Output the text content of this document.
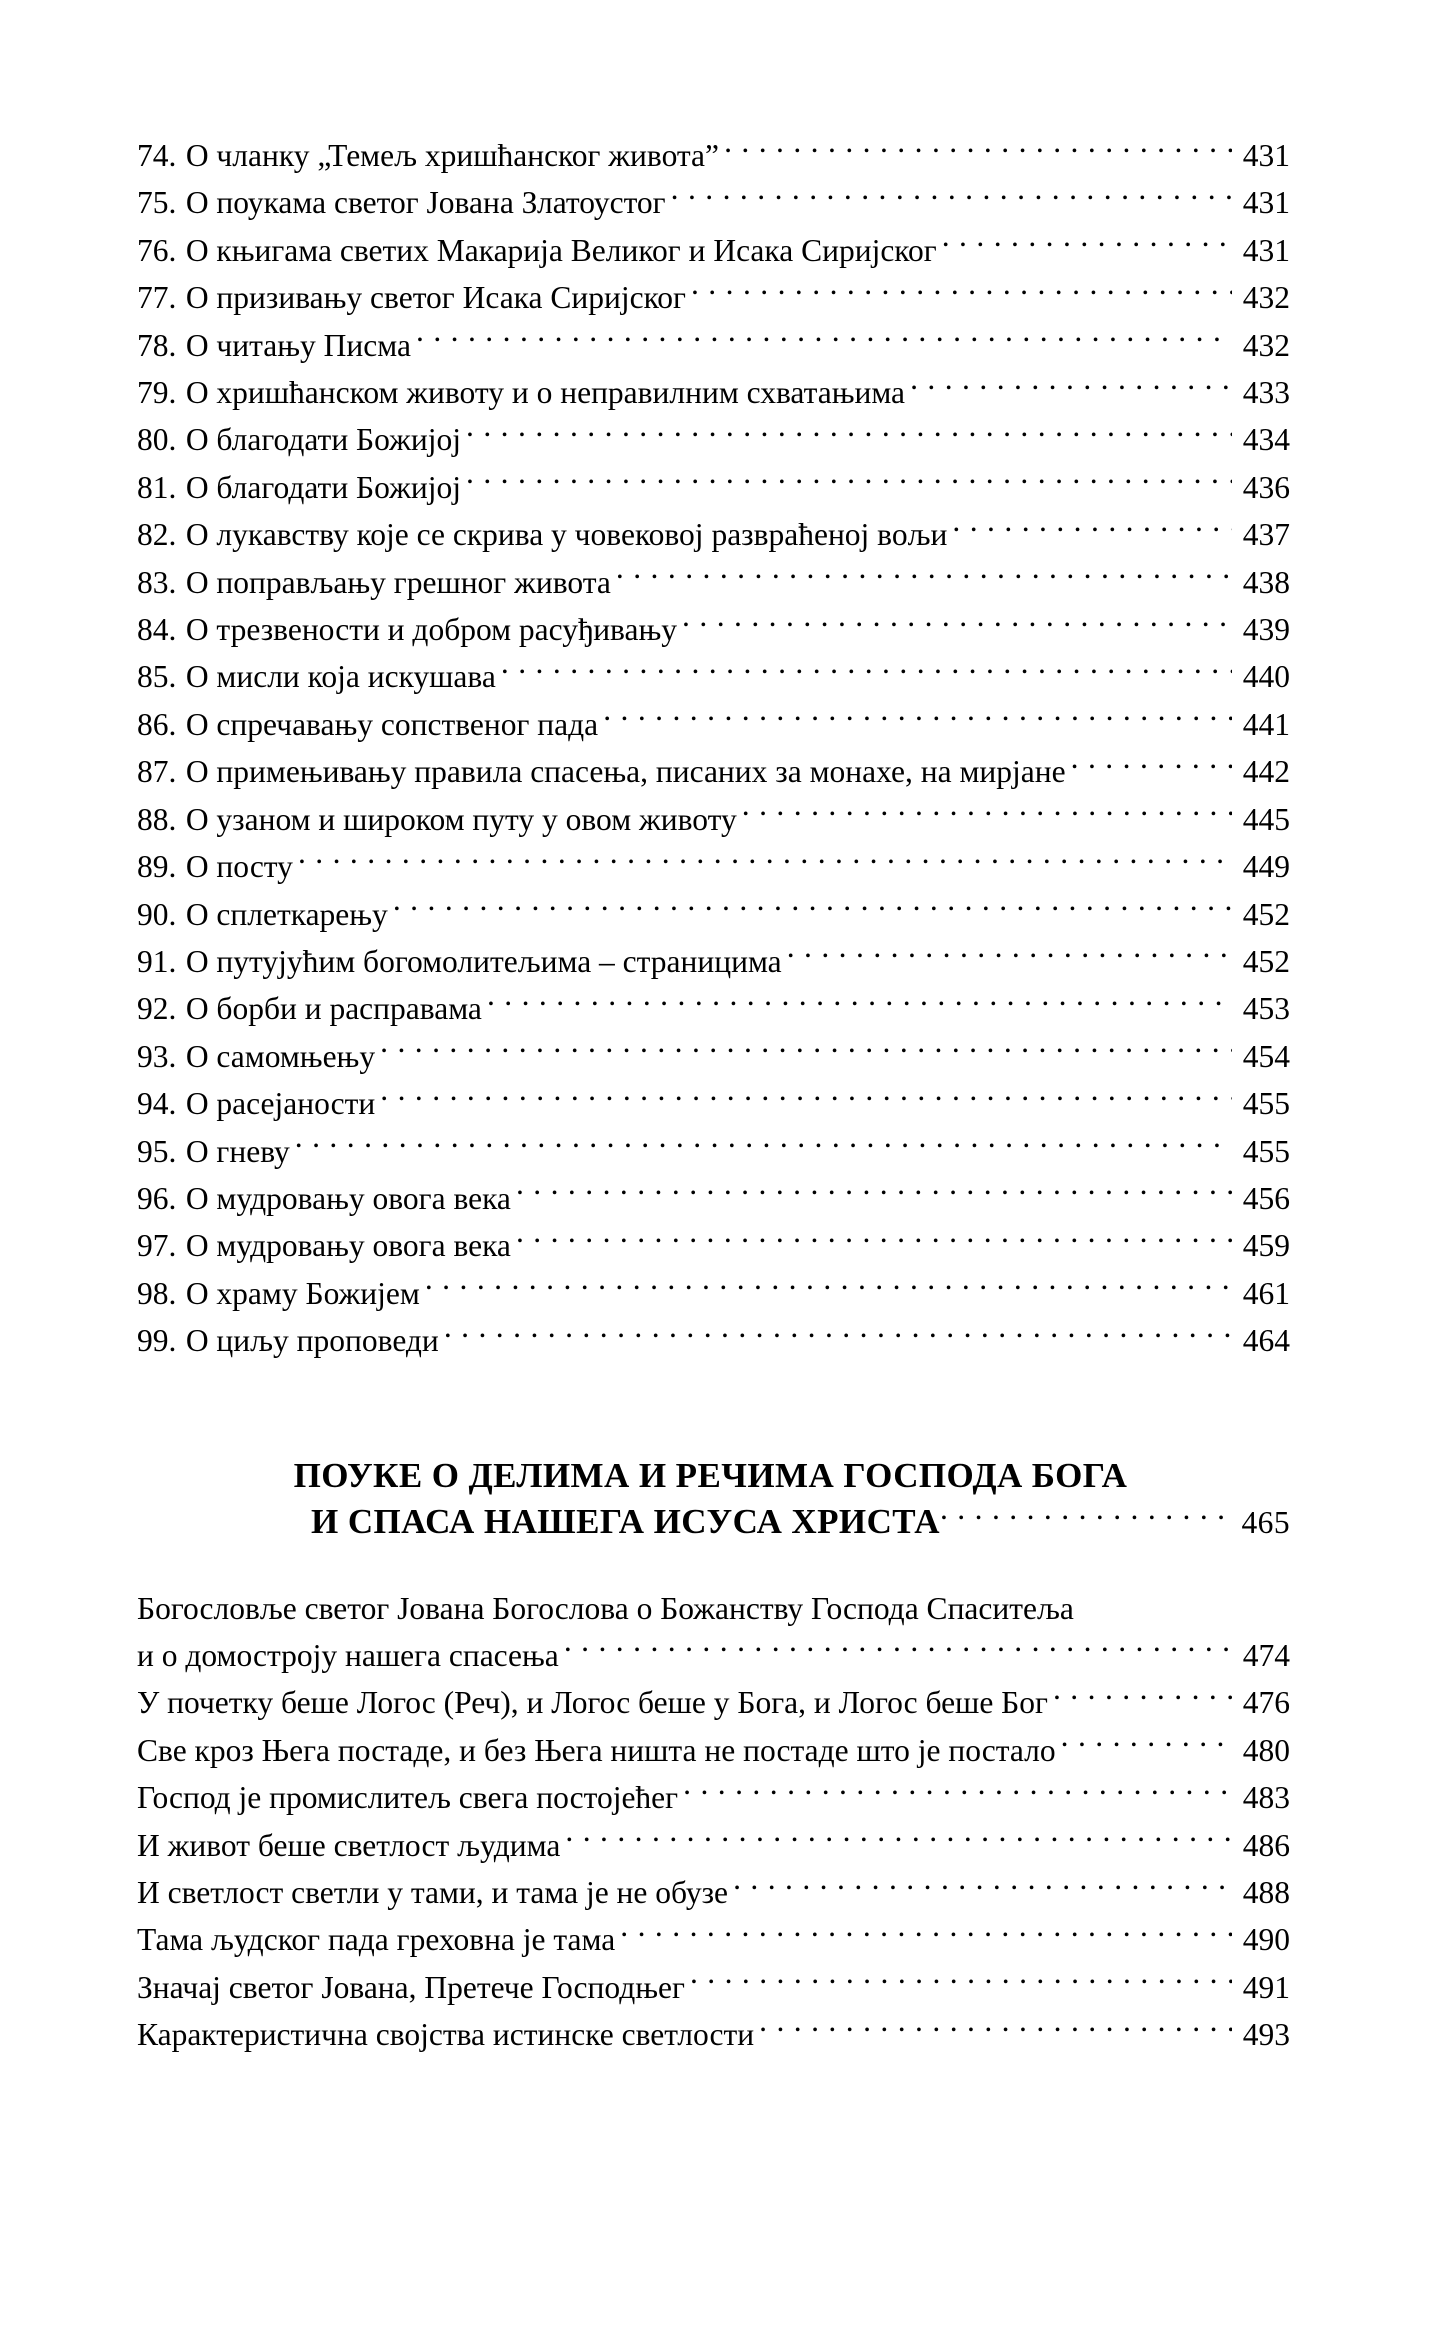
74. О чланку „Темељ хришћанског живота” .....	431
75. О поукама светог Јована Златоустог .....	431
76. О књигама светих Макарија Великог и Исака Сиријског .....	431
77. О призивању светог Исака Сиријског .....	432
78. О читању Писма .....	432
79. О хришћанском животу и о неправилним схватањима .....	433
80. О благодати Божијој .....	434
81. О благодати Божијој .....	436
82. О лукавству које се скрива у човековој развраћеној вољи .....	437
83. О поправљању грешног живота .....	438
84. О трезвености и добром расуђивању .....	439
85. О мисли која искушава .....	440
86. О спречавању сопственог пада .....	441
87. О примењивању правила спасења, писаних за монахе, на мирјане .....	442
88. О узаном и широком путу у овом животу .....	445
89. О посту .....	449
90. О сплеткарењу .....	452
91. О путујућим богомолитељима – страницима .....	452
92. О борби и расправама .....	453
93. О самомњењу .....	454
94. О расејаности .....	455
95. О гневу .....	455
96. О мудровању овога века .....	456
97. О мудровању овога века .....	459
98. О храму Божијем .....	461
99. О циљу проповеди .....	464
ПОУКЕ О ДЕЛИМА И РЕЧИМА ГОСПОДА БОГА
И СПАСА НАШЕГА ИСУСА ХРИСТА .....	465
Богословље светог Јована Богослова о Божанству Господа Спаситеља
и о домостроју нашега спасења .....	474
У почетку беше Логос (Реч), и Логос беше у Бога, и Логос беше Бог .....	476
Све кроз Њега постаде, и без Њега ништа не постаде што је постало .....	480
Господ је промислитељ свега постојећег .....	483
И живот беше светлост људима .....	486
И светлост светли у тами, и тама је не обузе .....	488
Тама људског пада греховна је тама .....	490
Значај светог Јована, Претече Господњег .....	491
Карактеристична својства истинске светлости .....	493
